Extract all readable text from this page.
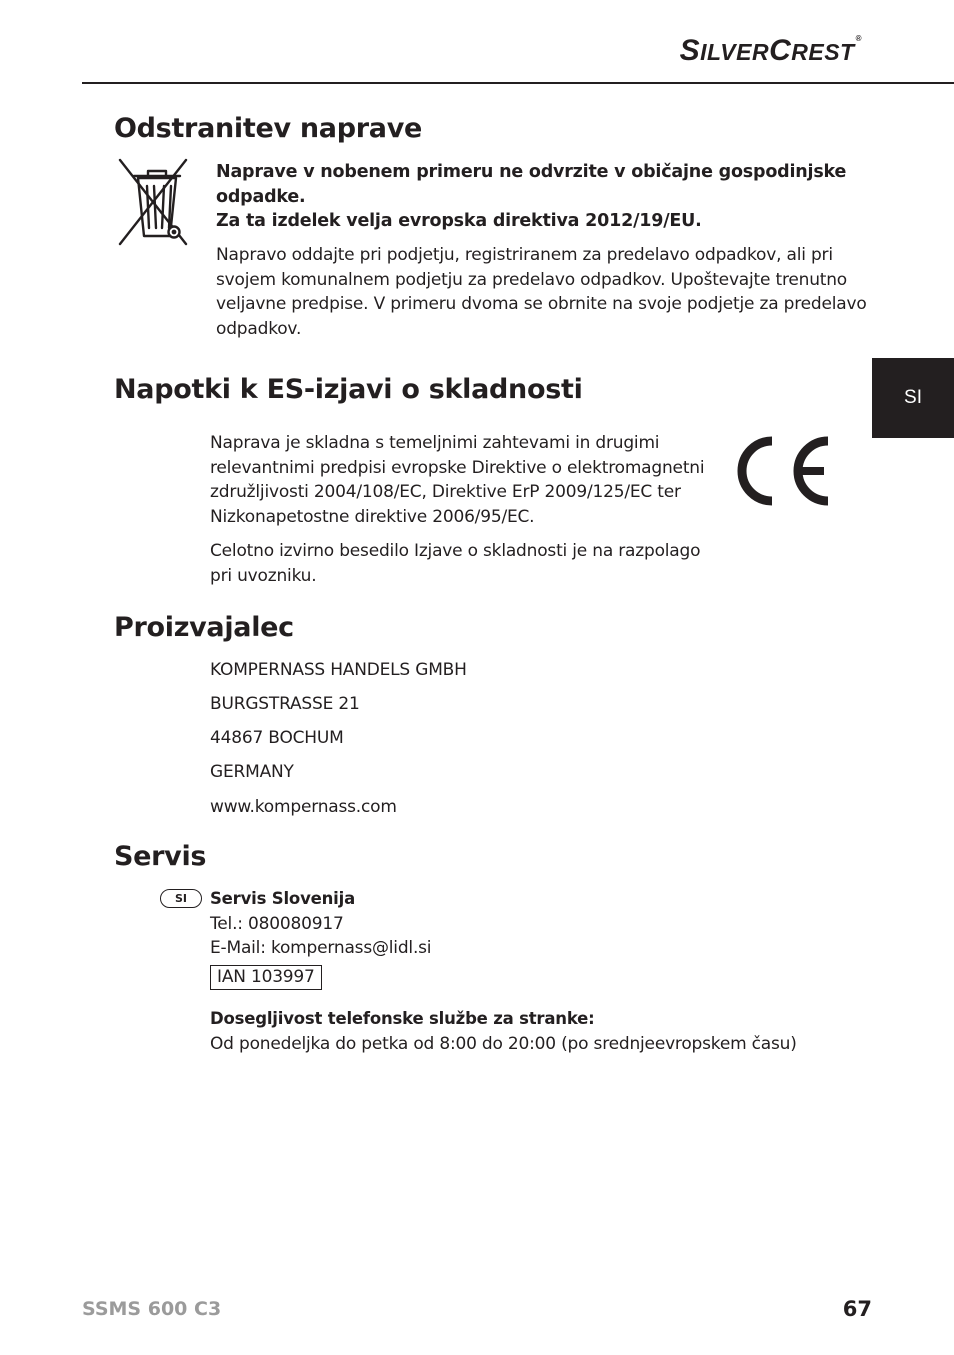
SILVERCREST®
SI
Odstranitev naprave
Naprave v nobenem primeru ne odvrzite v običajne gospodinjske
odpadke.
Za ta izdelek velja evropska direktiva 2012/19/EU.
Napravo oddajte pri podjetju, registriranem za predelavo odpadkov, ali pri
svojem komunalnem podjetju za predelavo odpadkov. Upoštevajte trenutno
veljavne predpise. V primeru dvoma se obrnite na svoje podjetje za predelavo
odpadkov.
Napotki k ES-izjavi o skladnosti
Naprava je skladna s temeljnimi zahtevami in drugimi
relevantnimi predpisi evropske Direktive o elektromagnetni
združljivosti 2004/108/EC, Direktive ErP 2009/125/EC ter
Nizkonapetostne direktive 2006/95/EC.
Celotno izvirno besedilo Izjave o skladnosti je na razpolago
pri uvozniku.
Proizvajalec
KOMPERNASS HANDELS GMBH
BURGSTRASSE 21
44867 BOCHUM
GERMANY
www.kompernass.com
Servis
SI	Servis Slovenija
Tel.: 080080917
E-Mail: kompernass@lidl.si
IAN 103997
Dosegljivost telefonske službe za stranke:
Od ponedeljka do petka od 8:00 do 20:00 (po srednjeevropskem času)
SSMS 600 C3	67
